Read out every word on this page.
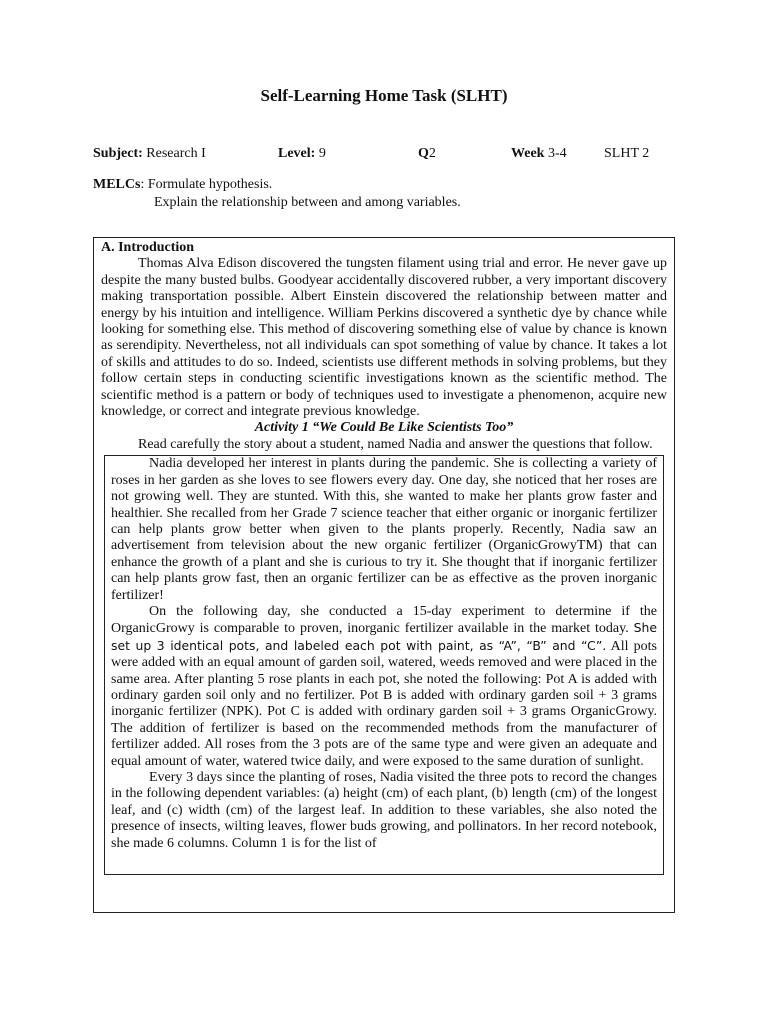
Self-Learning Home Task (SLHT)
Subject: Research I	Level: 9	Q2	Week 3-4	SLHT 2
MELCs: Formulate hypothesis.
Explain the relationship between and among variables.
A. Introduction
Thomas Alva Edison discovered the tungsten filament using trial and error. He never gave up despite the many busted bulbs. Goodyear accidentally discovered rubber, a very important discovery making transportation possible. Albert Einstein discovered the relationship between matter and energy by his intuition and intelligence. William Perkins discovered a synthetic dye by chance while looking for something else. This method of discovering something else of value by chance is known as serendipity. Nevertheless, not all individuals can spot something of value by chance. It takes a lot of skills and attitudes to do so. Indeed, scientists use different methods in solving problems, but they follow certain steps in conducting scientific investigations known as the scientific method. The scientific method is a pattern or body of techniques used to investigate a phenomenon, acquire new knowledge, or correct and integrate previous knowledge.
Activity 1 “We Could Be Like Scientists Too”
Read carefully the story about a student, named Nadia and answer the questions that follow.

Nadia developed her interest in plants during the pandemic. She is collecting a variety of roses in her garden as she loves to see flowers every day. One day, she noticed that her roses are not growing well. They are stunted. With this, she wanted to make her plants grow faster and healthier. She recalled from her Grade 7 science teacher that either organic or inorganic fertilizer can help plants grow better when given to the plants properly. Recently, Nadia saw an advertisement from television about the new organic fertilizer (OrganicGrowyTM) that can enhance the growth of a plant and she is curious to try it. She thought that if inorganic fertilizer can help plants grow fast, then an organic fertilizer can be as effective as the proven inorganic fertilizer!

On the following day, she conducted a 15-day experiment to determine if the OrganicGrowy is comparable to proven, inorganic fertilizer available in the market today. She set up 3 identical pots, and labeled each pot with paint, as “A”, “B” and “C”. All pots were added with an equal amount of garden soil, watered, weeds removed and were placed in the same area. After planting 5 rose plants in each pot, she noted the following: Pot A is added with ordinary garden soil only and no fertilizer. Pot B is added with ordinary garden soil + 3 grams inorganic fertilizer (NPK). Pot C is added with ordinary garden soil + 3 grams OrganicGrowy. The addition of fertilizer is based on the recommended methods from the manufacturer of fertilizer added. All roses from the 3 pots are of the same type and were given an adequate and equal amount of water, watered twice daily, and were exposed to the same duration of sunlight.

Every 3 days since the planting of roses, Nadia visited the three pots to record the changes in the following dependent variables: (a) height (cm) of each plant, (b) length (cm) of the longest leaf, and (c) width (cm) of the largest leaf. In addition to these variables, she also noted the presence of insects, wilting leaves, flower buds growing, and pollinators. In her record notebook, she made 6 columns. Column 1 is for the list of
